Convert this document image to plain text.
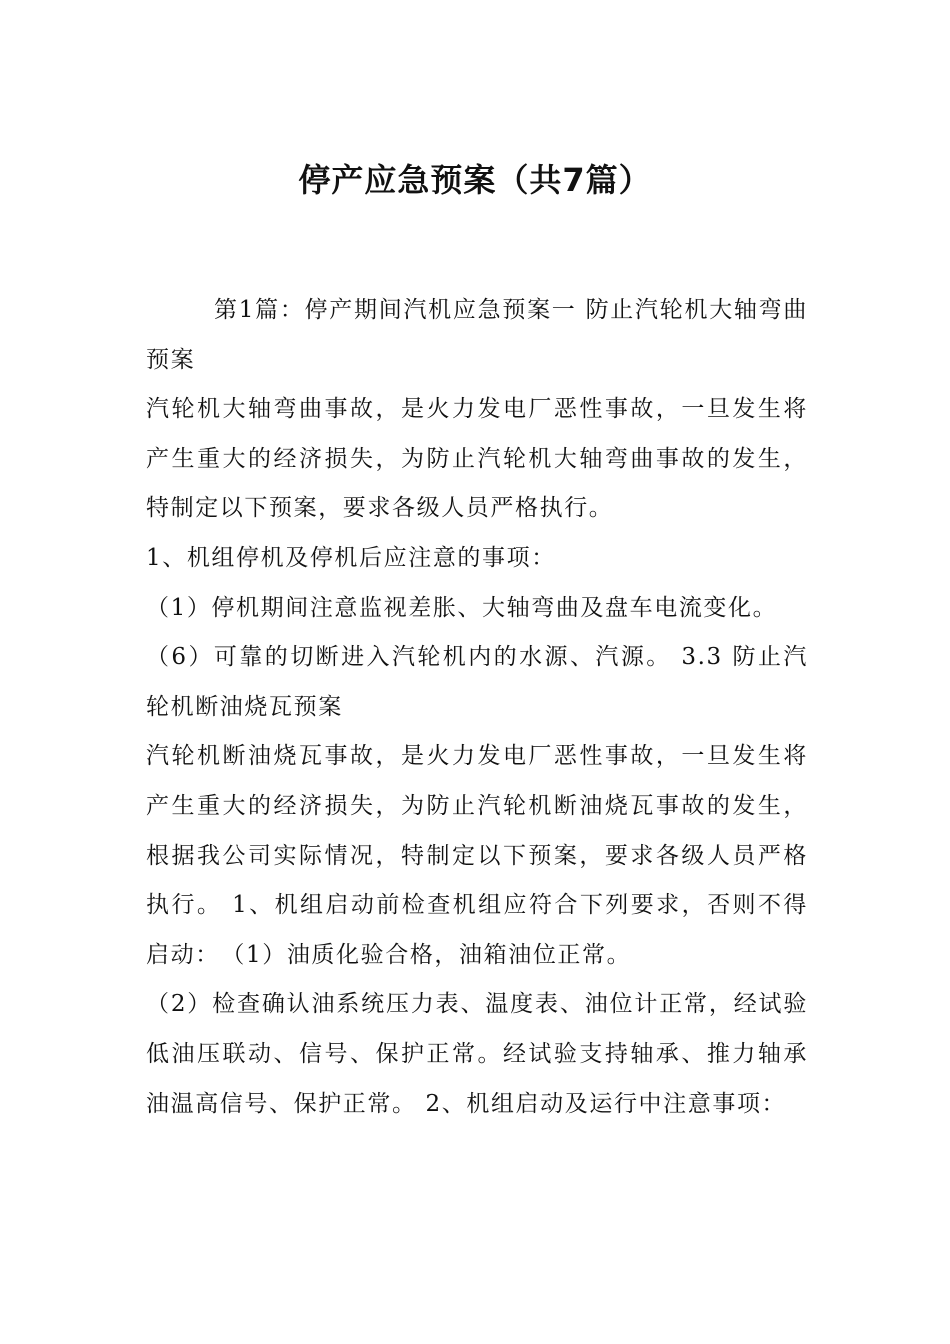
停产应急预案（共7篇）

第1篇：停产期间汽机应急预案一 防止汽轮机大轴弯曲预案

汽轮机大轴弯曲事故，是火力发电厂恶性事故，一旦发生将产生重大的经济损失，为防止汽轮机大轴弯曲事故的发生，特制定以下预案，要求各级人员严格执行。

1、机组停机及停机后应注意的事项：

（1）停机期间注意监视差胀、大轴弯曲及盘车电流变化。

（6）可靠的切断进入汽轮机内的水源、汽源。 3.3 防止汽轮机断油烧瓦预案

汽轮机断油烧瓦事故，是火力发电厂恶性事故，一旦发生将产生重大的经济损失，为防止汽轮机断油烧瓦事故的发生，根据我公司实际情况，特制定以下预案，要求各级人员严格执行。 1、机组启动前检查机组应符合下列要求，否则不得启动：　（1）油质化验合格，油箱油位正常。

（2）检查确认油系统压力表、温度表、油位计正常，经试验低油压联动、信号、保护正常。经试验支持轴承、推力轴承油温高信号、保护正常。 2、机组启动及运行中注意事项：
